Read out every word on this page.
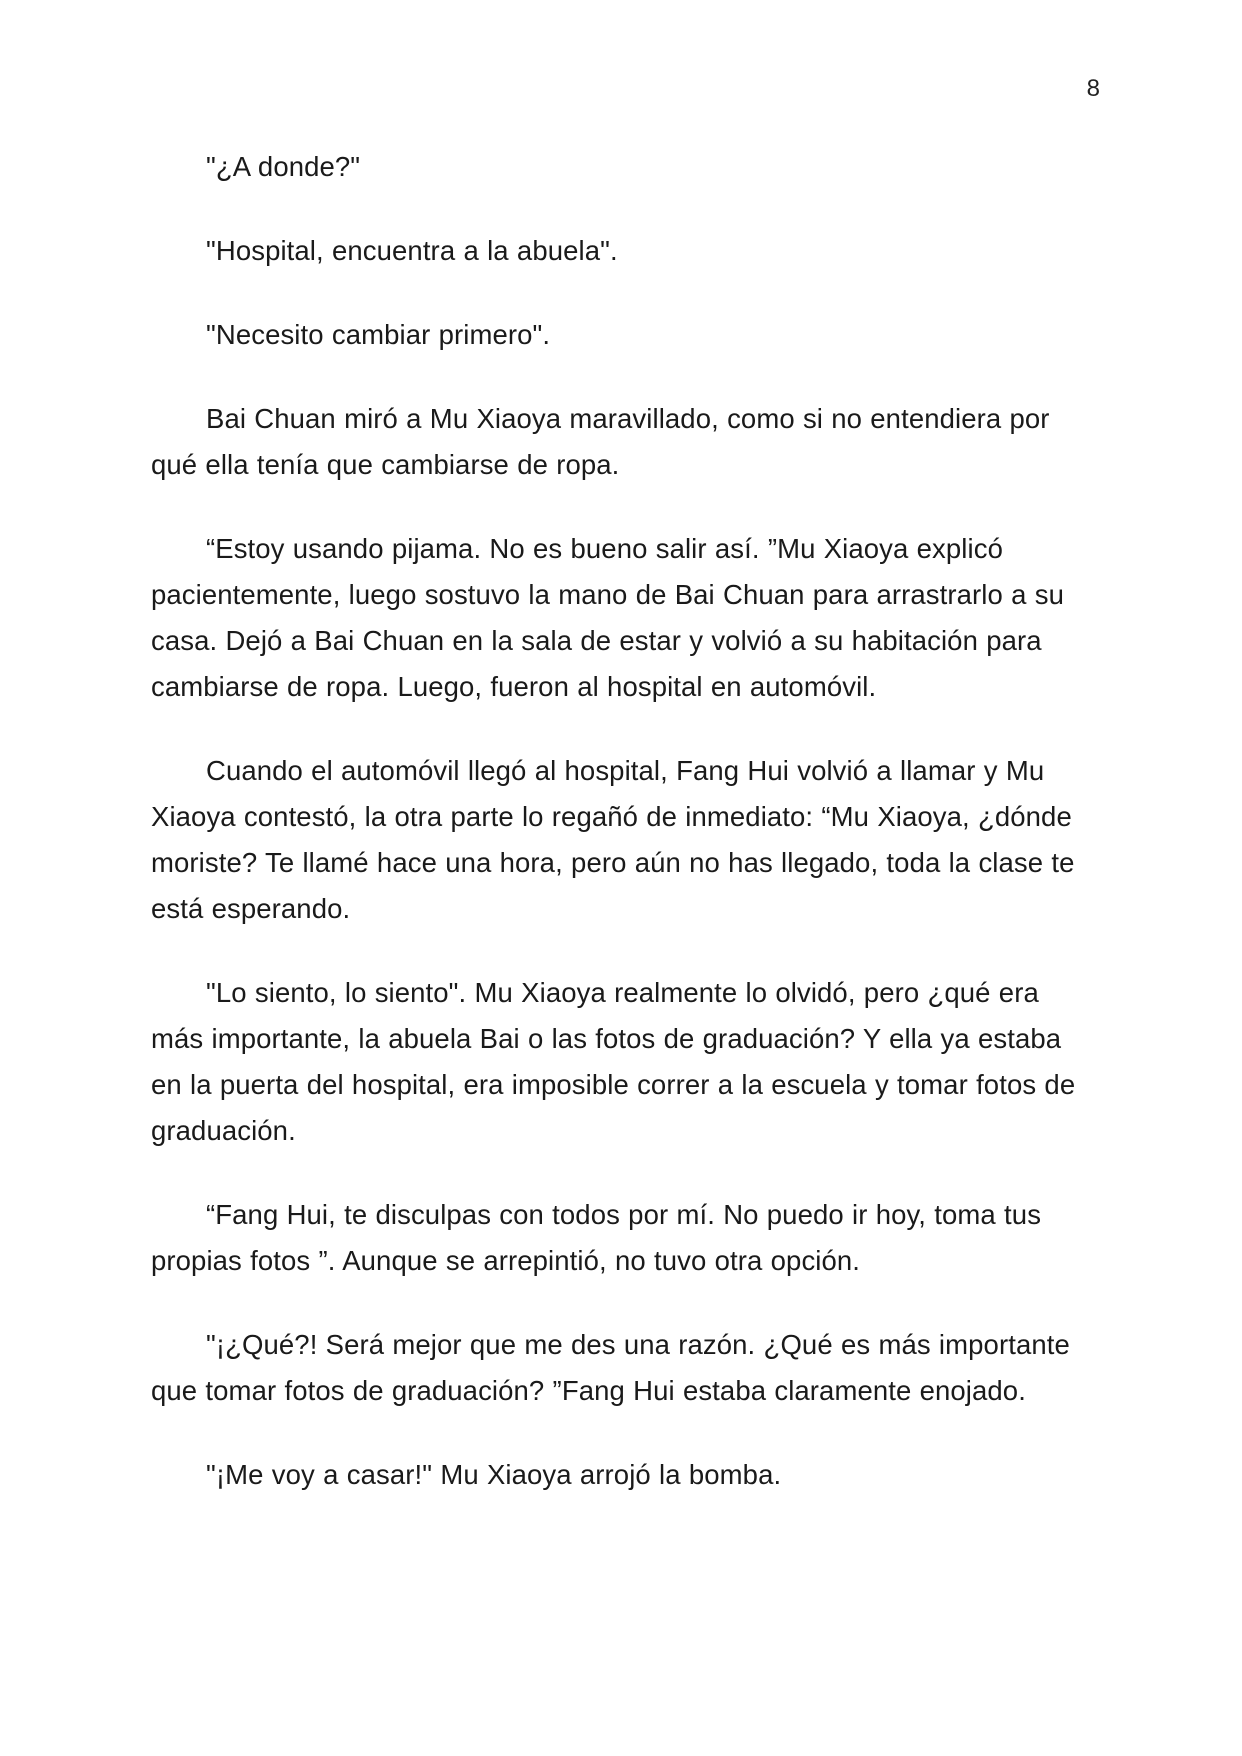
8

"¿A donde?"

"Hospital, encuentra a la abuela".

"Necesito cambiar primero".

Bai Chuan miró a Mu Xiaoya maravillado, como si no entendiera por qué ella tenía que cambiarse de ropa.

“Estoy usando pijama. No es bueno salir así. ”Mu Xiaoya explicó pacientemente, luego sostuvo la mano de Bai Chuan para arrastrarlo a su casa. Dejó a Bai Chuan en la sala de estar y volvió a su habitación para cambiarse de ropa. Luego, fueron al hospital en automóvil.

Cuando el automóvil llegó al hospital, Fang Hui volvió a llamar y Mu Xiaoya contestó, la otra parte lo regañó de inmediato: “Mu Xiaoya, ¿dónde moriste? Te llamé hace una hora, pero aún no has llegado, toda la clase te está esperando.

"Lo siento, lo siento". Mu Xiaoya realmente lo olvidó, pero ¿qué era más importante, la abuela Bai o las fotos de graduación? Y ella ya estaba en la puerta del hospital, era imposible correr a la escuela y tomar fotos de graduación.

“Fang Hui, te disculpas con todos por mí. No puedo ir hoy, toma tus propias fotos ”. Aunque se arrepintió, no tuvo otra opción.

"¡¿Qué?! Será mejor que me des una razón. ¿Qué es más importante que tomar fotos de graduación? ”Fang Hui estaba claramente enojado.

"¡Me voy a casar!" Mu Xiaoya arrojó la bomba.
